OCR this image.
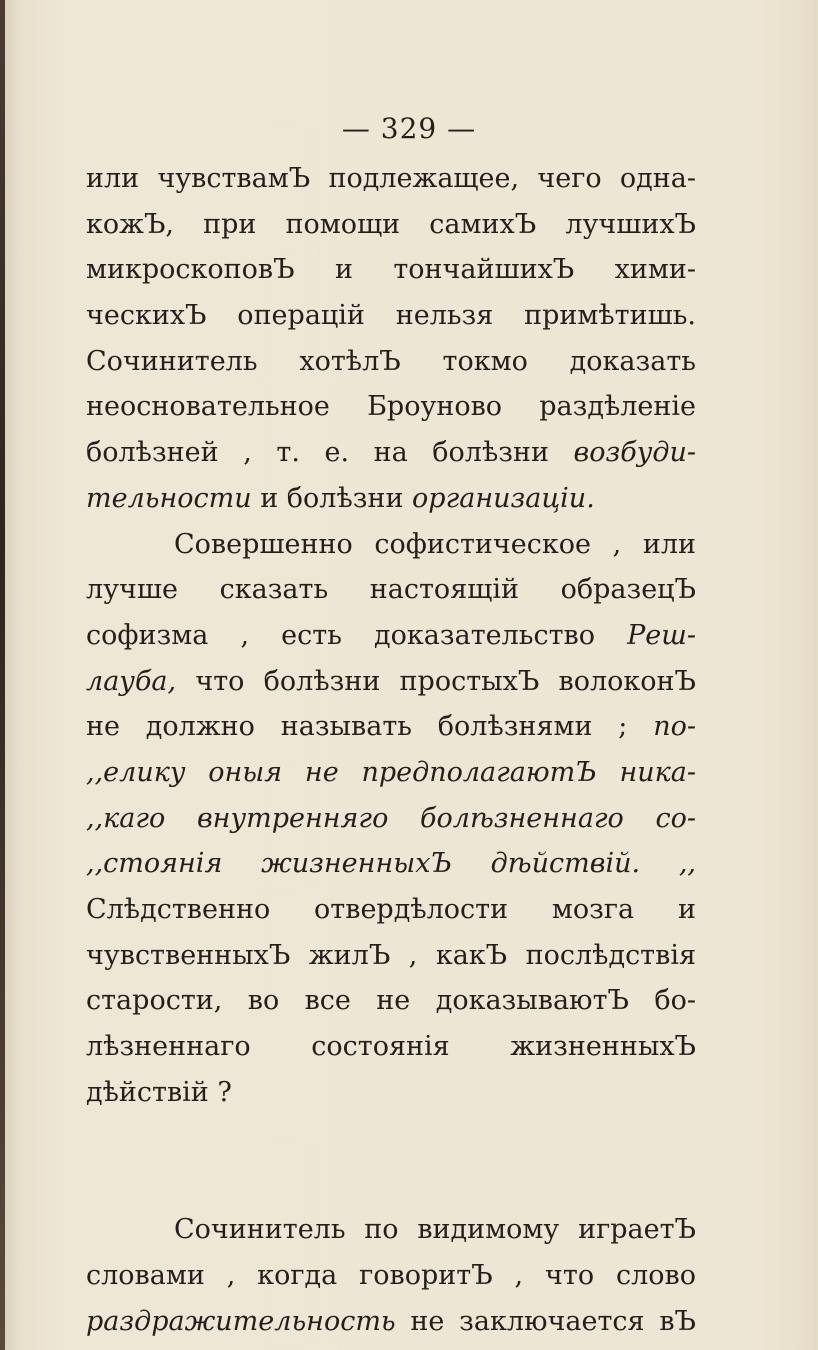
— 329 —
или чувствамЪ подлежащее, чего одна-
кожЪ, при помощи самихЪ лучшихЪ
микроскоповЪ и тончайшихЪ хими-
ческихЪ операцій нельзя примѣтишь.
Сочинитель хотѣлЪ токмо доказать
неосновательное Броуново раздѣленіе
болѣзней , т. е. на болѣзни возбуди-
тельности и болѣзни организаціи.
Совершенно софистическое , или
лучше сказать настоящій образецЪ
софизма , есть доказательство Реш-
лауба, что болѣзни простыхЪ волоконЪ
не должно называть болѣзнями ; по-
,,елику оныя не предполагаютЪ ника-
,,каго внутренняго болѣзненнаго со-
,,стоянія жизненныхЪ дѣйствій. ,,
Слѣдственно отвердѣлости мозга и
чувственныхЪ жилЪ , какЪ послѣдствія
старости, во все не доказываютЪ бо-
лѣзненнаго состоянія жизненныхЪ
дѣйствій ?
Сочинитель по видимому играетЪ
словами , когда говоритЪ , что слово
раздражительность не заключается вЪ
